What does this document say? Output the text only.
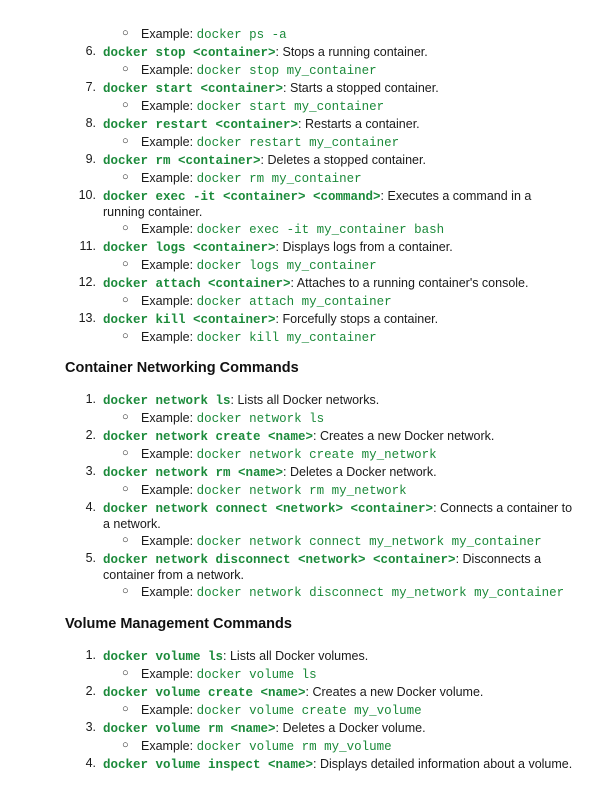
○ Example: docker ps -a
6. docker stop <container>: Stops a running container.
○ Example: docker stop my_container
7. docker start <container>: Starts a stopped container.
○ Example: docker start my_container
8. docker restart <container>: Restarts a container.
○ Example: docker restart my_container
9. docker rm <container>: Deletes a stopped container.
○ Example: docker rm my_container
10. docker exec -it <container> <command>: Executes a command in a
running container.
○ Example: docker exec -it my_container bash
11. docker logs <container>: Displays logs from a container.
○ Example: docker logs my_container
12. docker attach <container>: Attaches to a running container's console.
○ Example: docker attach my_container
13. docker kill <container>: Forcefully stops a container.
○ Example: docker kill my_container
Container Networking Commands
1. docker network ls: Lists all Docker networks.
○ Example: docker network ls
2. docker network create <name>: Creates a new Docker network.
○ Example: docker network create my_network
3. docker network rm <name>: Deletes a Docker network.
○ Example: docker network rm my_network
4. docker network connect <network> <container>: Connects a container to
a network.
○ Example: docker network connect my_network my_container
5. docker network disconnect <network> <container>: Disconnects a
container from a network.
○ Example: docker network disconnect my_network my_container
Volume Management Commands
1. docker volume ls: Lists all Docker volumes.
○ Example: docker volume ls
2. docker volume create <name>: Creates a new Docker volume.
○ Example: docker volume create my_volume
3. docker volume rm <name>: Deletes a Docker volume.
○ Example: docker volume rm my_volume
4. docker volume inspect <name>: Displays detailed information about a volume.
